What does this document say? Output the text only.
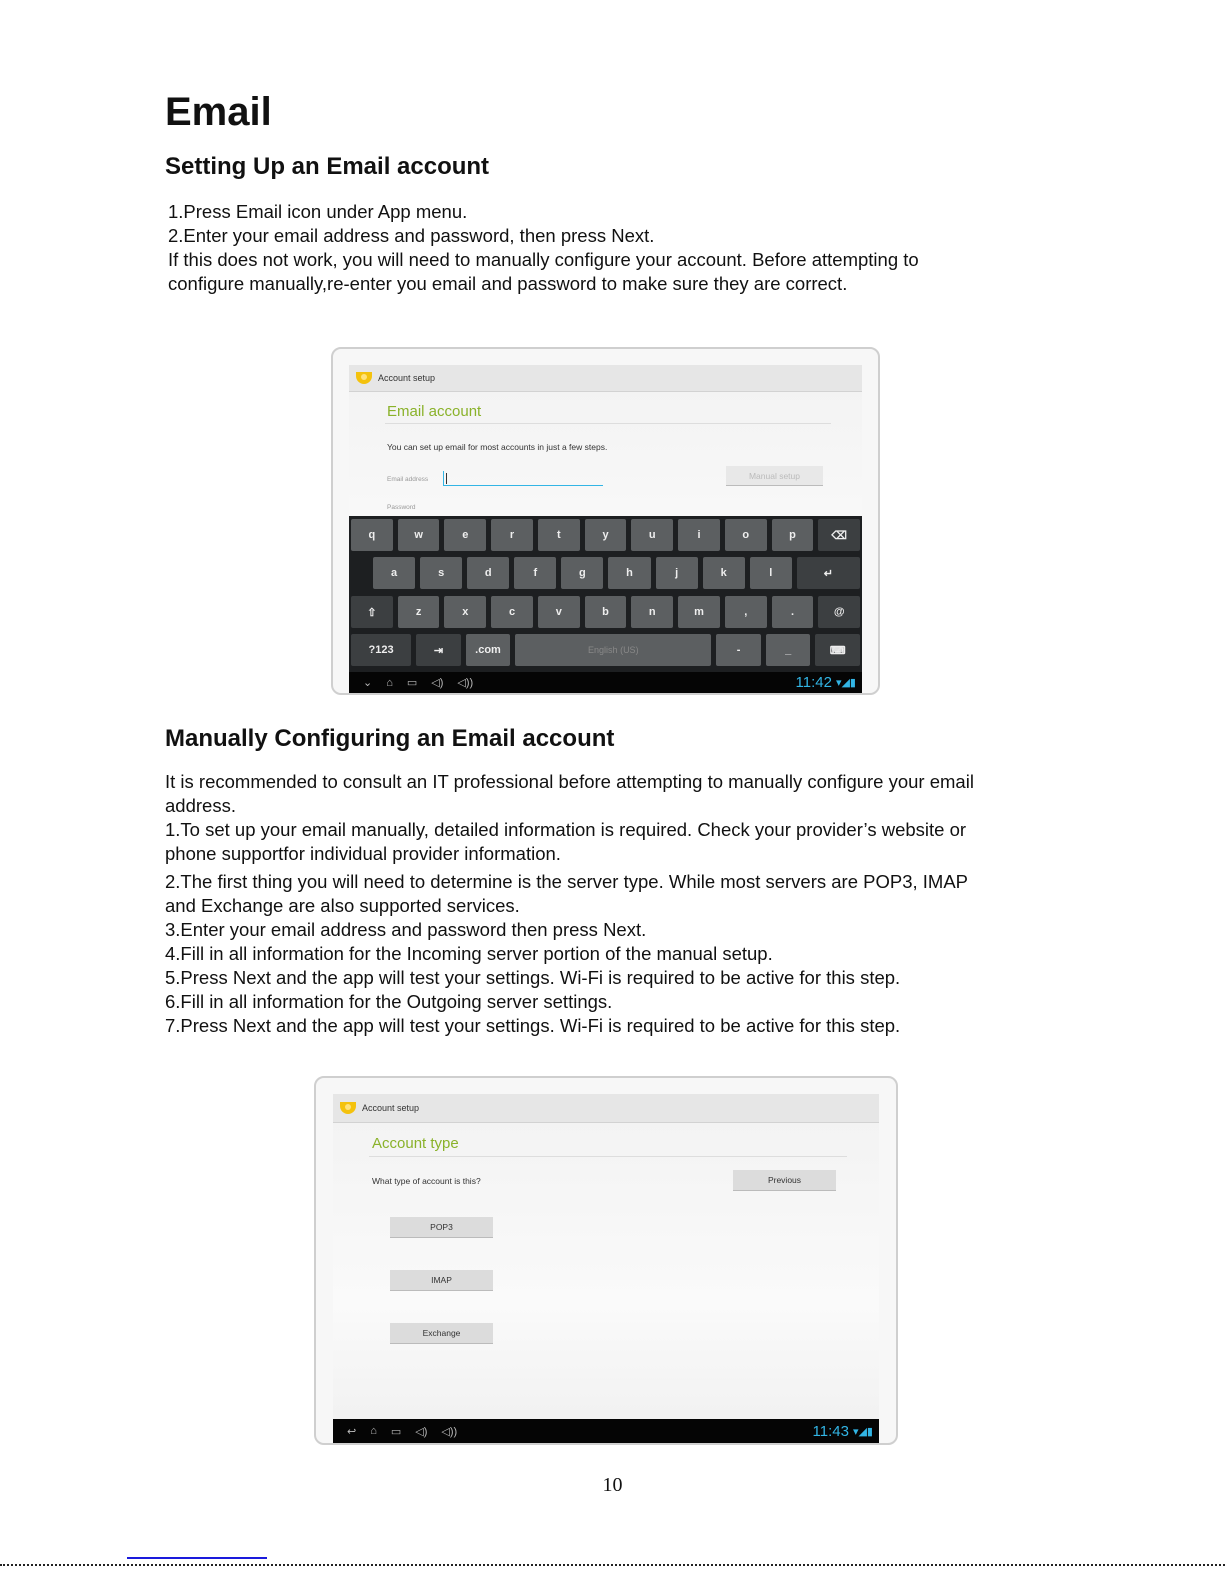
Email
Setting Up an Email account
1.Press Email icon under App menu.
2.Enter your email address and password, then press Next.
If this does not work, you will need to manually configure your account. Before attempting to
configure manually,re-enter you email and password to make sure they are correct.
Account setup
Email account
You can set up email for most accounts in just a few steps.
Email address	Manual setup
Password
q	w	e	r	t	y	u	i	o	p	⌫
a	s	d	f	g	h	j	k	l	↵
⇧	z	x	c	v	b	n	m	,	.	@
?123	⇥	.com	English (US)	-	_	⌨
⌄ ⌂ ▭ ◁) ◁))	11:42 ▾◢▮
Manually Configuring an Email account
It is recommended to consult an IT professional before attempting to manually configure your email
address.
1.To set up your email manually, detailed information is required. Check your provider’s website or
phone supportfor individual provider information.
2.The first thing you will need to determine is the server type. While most servers are POP3, IMAP
and Exchange are also supported services.
3.Enter your email address and password then press Next.
4.Fill in all information for the Incoming server portion of the manual setup.
5.Press Next and the app will test your settings. Wi-Fi is required to be active for this step.
6.Fill in all information for the Outgoing server settings.
7.Press Next and the app will test your settings. Wi-Fi is required to be active for this step.
Account setup
Account type
What type of account is this?	Previous
POP3
IMAP
Exchange
↩ ⌂ ▭ ◁) ◁))	11:43 ▾◢▮
10
